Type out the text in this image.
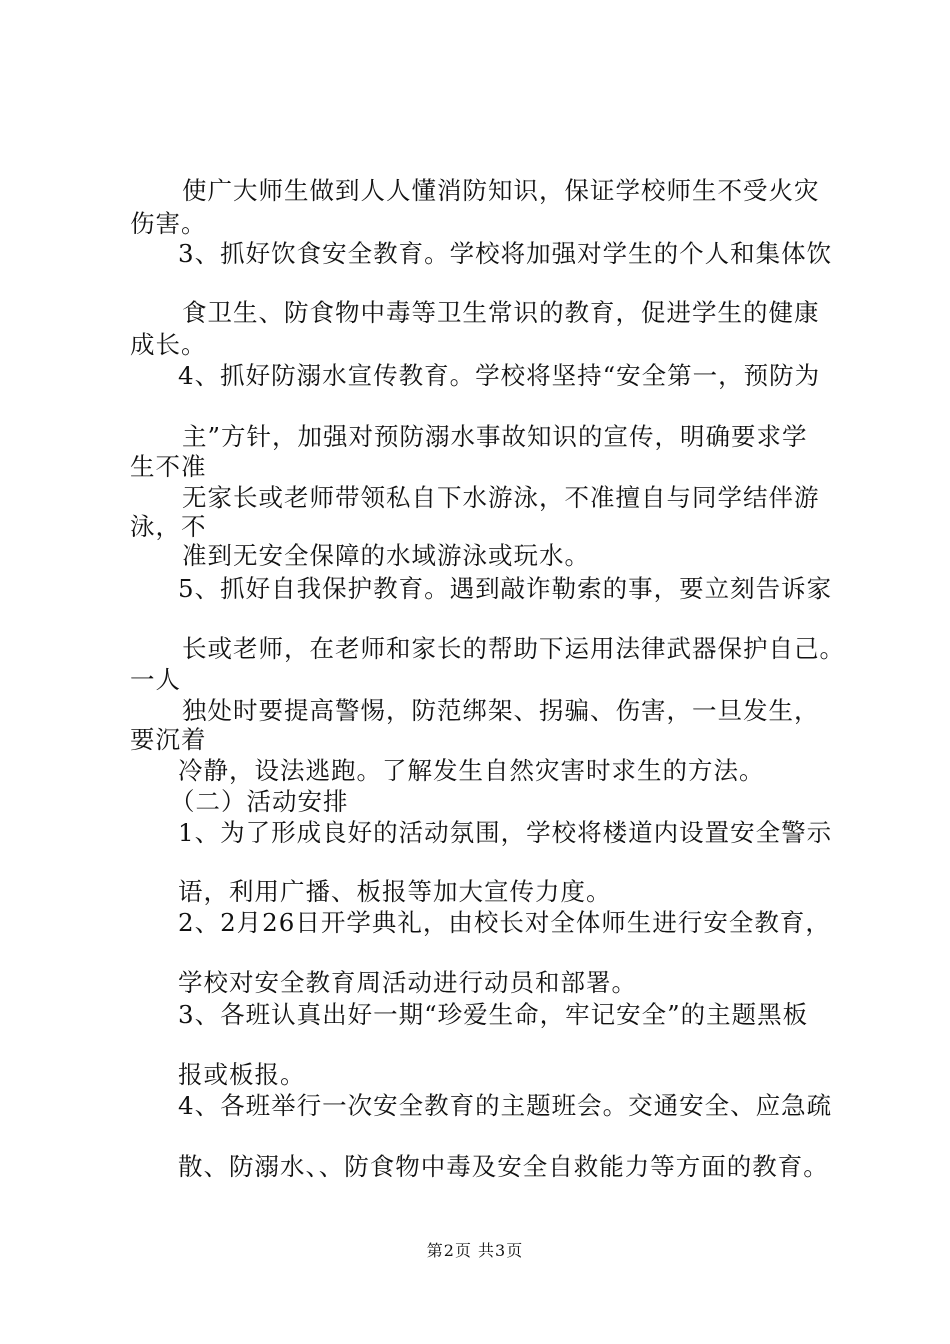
使广大师生做到人人懂消防知识，保证学校师生不受火灾
伤害。
3、抓好饮食安全教育。学校将加强对学生的个人和集体饮
食卫生、防食物中毒等卫生常识的教育，促进学生的健康
成长。
4、抓好防溺水宣传教育。学校将坚持“安全第一，预防为
主”方针，加强对预防溺水事故知识的宣传，明确要求学
生不准
无家长或老师带领私自下水游泳，不准擅自与同学结伴游
泳，不
准到无安全保障的水域游泳或玩水。
5、抓好自我保护教育。遇到敲诈勒索的事，要立刻告诉家
长或老师，在老师和家长的帮助下运用法律武器保护自己。
一人
独处时要提高警惕，防范绑架、拐骗、伤害，一旦发生，
要沉着
冷静，设法逃跑。了解发生自然灾害时求生的方法。
（二）活动安排
1、为了形成良好的活动氛围，学校将楼道内设置安全警示
语，利用广播、板报等加大宣传力度。
2、2月26日开学典礼，由校长对全体师生进行安全教育，
学校对安全教育周活动进行动员和部署。
3、各班认真出好一期“珍爱生命，牢记安全”的主题黑板
报或板报。
4、各班举行一次安全教育的主题班会。交通安全、应急疏
散、防溺水、、防食物中毒及安全自救能力等方面的教育。
第2页 共3页
